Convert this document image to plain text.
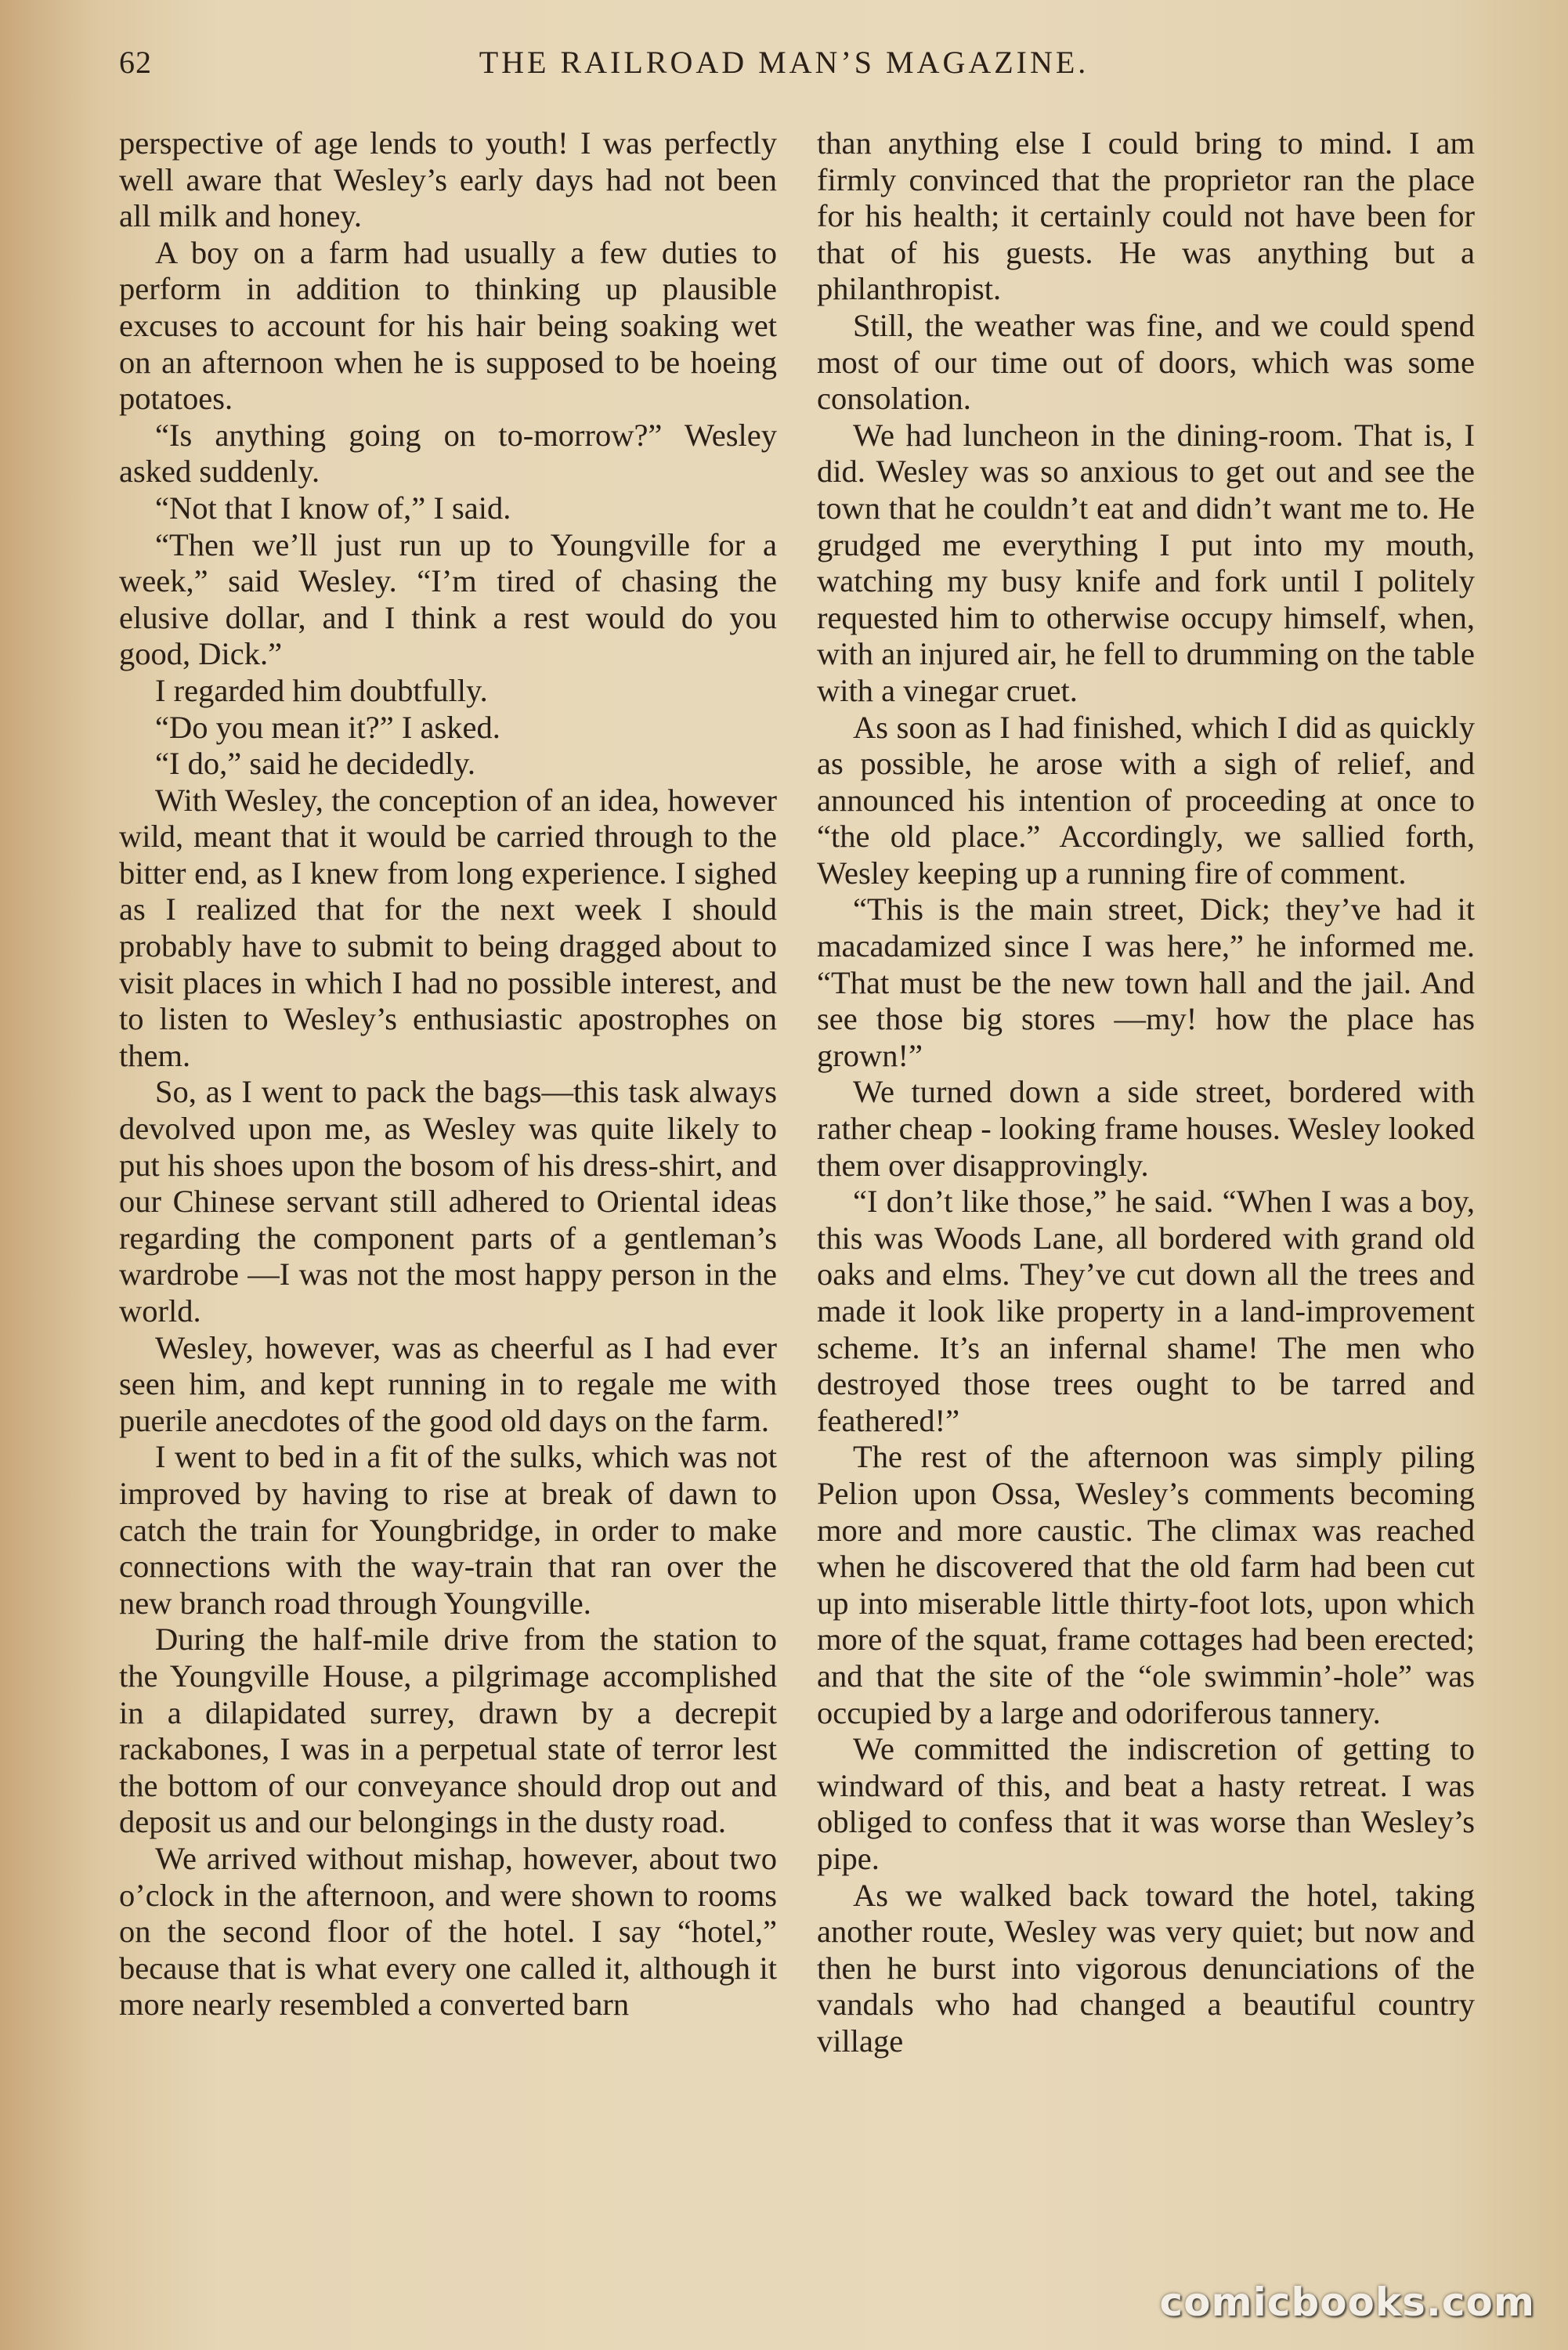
62	THE RAILROAD MAN’S MAGAZINE.

perspective of age lends to youth! I was perfectly well aware that Wesley’s early days had not been all milk and honey.

A boy on a farm had usually a few duties to perform in addition to thinking up plausible excuses to account for his hair being soaking wet on an afternoon when he is supposed to be hoeing potatoes.

“Is anything going on to-morrow?” Wesley asked suddenly.

“Not that I know of,” I said.

“Then we’ll just run up to Youngville for a week,” said Wesley. “I’m tired of chasing the elusive dollar, and I think a rest would do you good, Dick.”

I regarded him doubtfully.

“Do you mean it?” I asked.

“I do,” said he decidedly.

With Wesley, the conception of an idea, however wild, meant that it would be carried through to the bitter end, as I knew from long experience. I sighed as I realized that for the next week I should probably have to submit to being dragged about to visit places in which I had no possible interest, and to listen to Wesley’s enthusiastic apostrophes on them.

So, as I went to pack the bags—this task always devolved upon me, as Wesley was quite likely to put his shoes upon the bosom of his dress-shirt, and our Chinese servant still adhered to Oriental ideas regarding the component parts of a gentleman’s wardrobe —I was not the most happy person in the world.

Wesley, however, was as cheerful as I had ever seen him, and kept running in to regale me with puerile anecdotes of the good old days on the farm.

I went to bed in a fit of the sulks, which was not improved by having to rise at break of dawn to catch the train for Youngbridge, in order to make connections with the way-train that ran over the new branch road through Youngville.

During the half-mile drive from the station to the Youngville House, a pilgrimage accomplished in a dilapidated surrey, drawn by a decrepit rackabones, I was in a perpetual state of terror lest the bottom of our conveyance should drop out and deposit us and our belongings in the dusty road.

We arrived without mishap, however, about two o’clock in the afternoon, and were shown to rooms on the second floor of the hotel. I say “hotel,” because that is what every one called it, although it more nearly resembled a converted barn

than anything else I could bring to mind. I am firmly convinced that the proprietor ran the place for his health; it certainly could not have been for that of his guests. He was anything but a philanthropist.

Still, the weather was fine, and we could spend most of our time out of doors, which was some consolation.

We had luncheon in the dining-room. That is, I did. Wesley was so anxious to get out and see the town that he couldn’t eat and didn’t want me to. He grudged me everything I put into my mouth, watching my busy knife and fork until I politely requested him to otherwise occupy himself, when, with an injured air, he fell to drumming on the table with a vinegar cruet.

As soon as I had finished, which I did as quickly as possible, he arose with a sigh of relief, and announced his intention of proceeding at once to “the old place.” Accordingly, we sallied forth, Wesley keeping up a running fire of comment.

“This is the main street, Dick; they’ve had it macadamized since I was here,” he informed me. “That must be the new town hall and the jail. And see those big stores —my! how the place has grown!”

We turned down a side street, bordered with rather cheap - looking frame houses. Wesley looked them over disapprovingly.

“I don’t like those,” he said. “When I was a boy, this was Woods Lane, all bordered with grand old oaks and elms. They’ve cut down all the trees and made it look like property in a land-improvement scheme. It’s an infernal shame! The men who destroyed those trees ought to be tarred and feathered!”

The rest of the afternoon was simply piling Pelion upon Ossa, Wesley’s comments becoming more and more caustic. The climax was reached when he discovered that the old farm had been cut up into miserable little thirty-foot lots, upon which more of the squat, frame cottages had been erected; and that the site of the “ole swimmin’-hole” was occupied by a large and odoriferous tannery.

We committed the indiscretion of getting to windward of this, and beat a hasty retreat. I was obliged to confess that it was worse than Wesley’s pipe.

As we walked back toward the hotel, taking another route, Wesley was very quiet; but now and then he burst into vigorous denunciations of the vandals who had changed a beautiful country village

comicbooks.com
